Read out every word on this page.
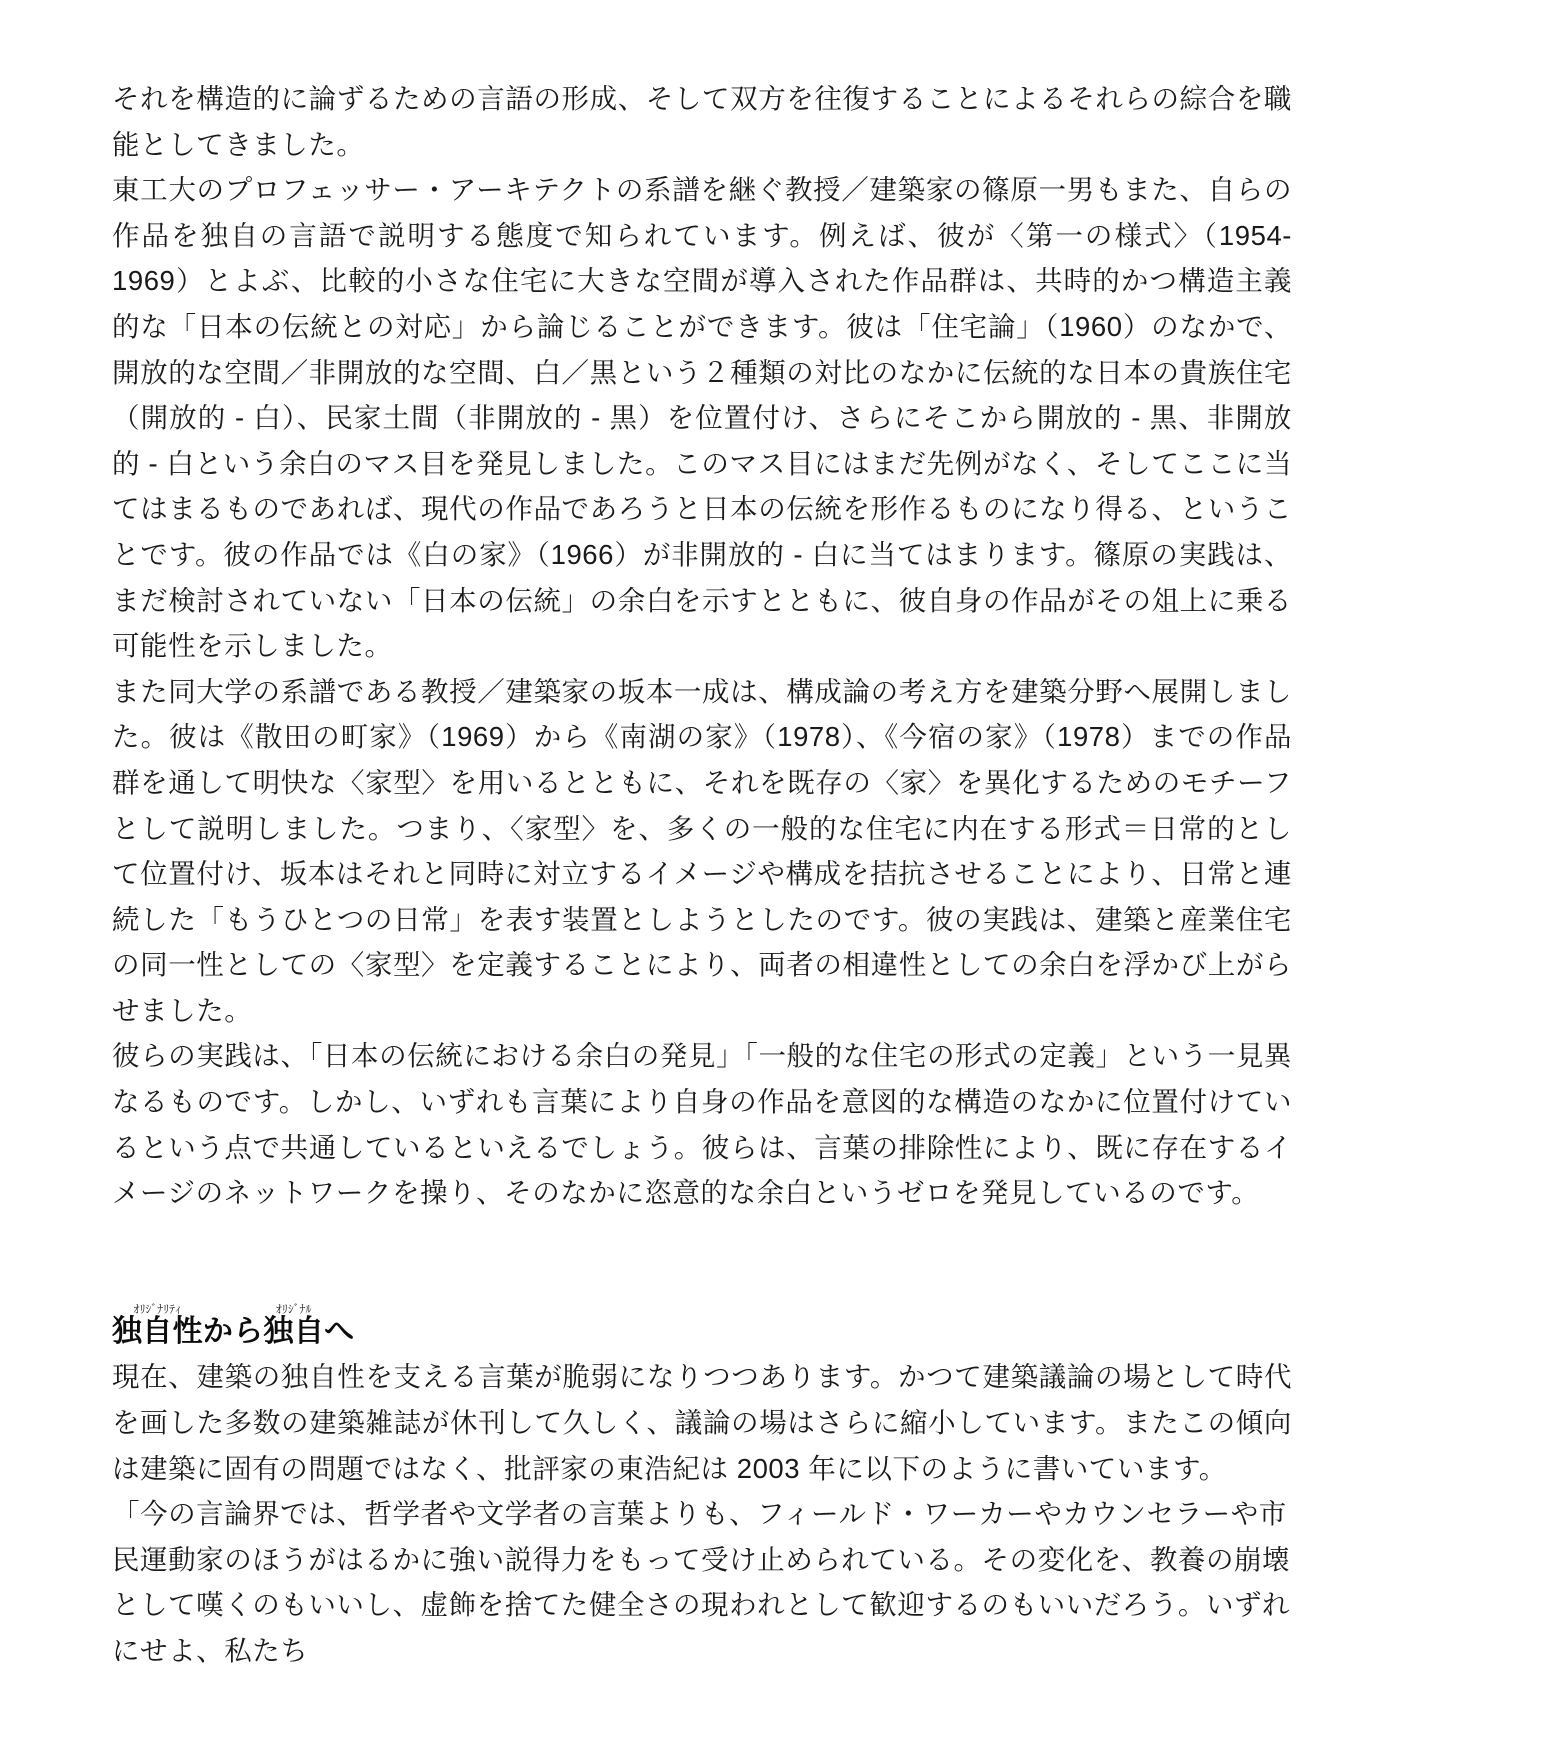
それを構造的に論ずるための言語の形成、そして双方を往復することによるそれらの綜合を職能としてきました。

東工大のプロフェッサー・アーキテクトの系譜を継ぐ教授／建築家の篠原一男もまた、自らの作品を独自の言語で説明する態度で知られています。例えば、彼が〈第一の様式〉（1954-1969）とよぶ、比較的小さな住宅に大きな空間が導入された作品群は、共時的かつ構造主義的な「日本の伝統との対応」から論じることができます。彼は「住宅論」（1960）のなかで、開放的な空間／非開放的な空間、白／黒という２種類の対比のなかに伝統的な日本の貴族住宅（開放的 - 白）、民家土間（非開放的 - 黒）を位置付け、さらにそこから開放的 - 黒、非開放的 - 白という余白のマス目を発見しました。このマス目にはまだ先例がなく、そしてここに当てはまるものであれば、現代の作品であろうと日本の伝統を形作るものになり得る、ということです。彼の作品では《白の家》（1966）が非開放的 - 白に当てはまります。篠原の実践は、まだ検討されていない「日本の伝統」の余白を示すとともに、彼自身の作品がその俎上に乗る可能性を示しました。

また同大学の系譜である教授／建築家の坂本一成は、構成論の考え方を建築分野へ展開しました。彼は《散田の町家》（1969）から《南湖の家》（1978）、《今宿の家》（1978）までの作品群を通して明快な〈家型〉を用いるとともに、それを既存の〈家〉を異化するためのモチーフとして説明しました。つまり、〈家型〉を、多くの一般的な住宅に内在する形式＝日常的として位置付け、坂本はそれと同時に対立するイメージや構成を拮抗させることにより、日常と連続した「もうひとつの日常」を表す装置としようとしたのです。彼の実践は、建築と産業住宅の同一性としての〈家型〉を定義することにより、両者の相違性としての余白を浮かび上がらせました。

彼らの実践は、「日本の伝統における余白の発見」「一般的な住宅の形式の定義」という一見異なるものです。しかし、いずれも言葉により自身の作品を意図的な構造のなかに位置付けているという点で共通しているといえるでしょう。彼らは、言葉の排除性により、既に存在するイメージのネットワークを操り、そのなかに恣意的な余白というゼロを発見しているのです。

独自性ｵﾘｼﾞﾅﾘﾃｨから独自ｵﾘｼﾞﾅﾙへ

現在、建築の独自性を支える言葉が脆弱になりつつあります。かつて建築議論の場として時代を画した多数の建築雑誌が休刊して久しく、議論の場はさらに縮小しています。またこの傾向は建築に固有の問題ではなく、批評家の東浩紀は 2003 年に以下のように書いています。

「今の言論界では、哲学者や文学者の言葉よりも、フィールド・ワーカーやカウンセラーや市民運動家のほうがはるかに強い説得力をもって受け止められている。その変化を、教養の崩壊として嘆くのもいいし、虚飾を捨てた健全さの現われとして歓迎するのもいいだろう。いずれにせよ、私たち
